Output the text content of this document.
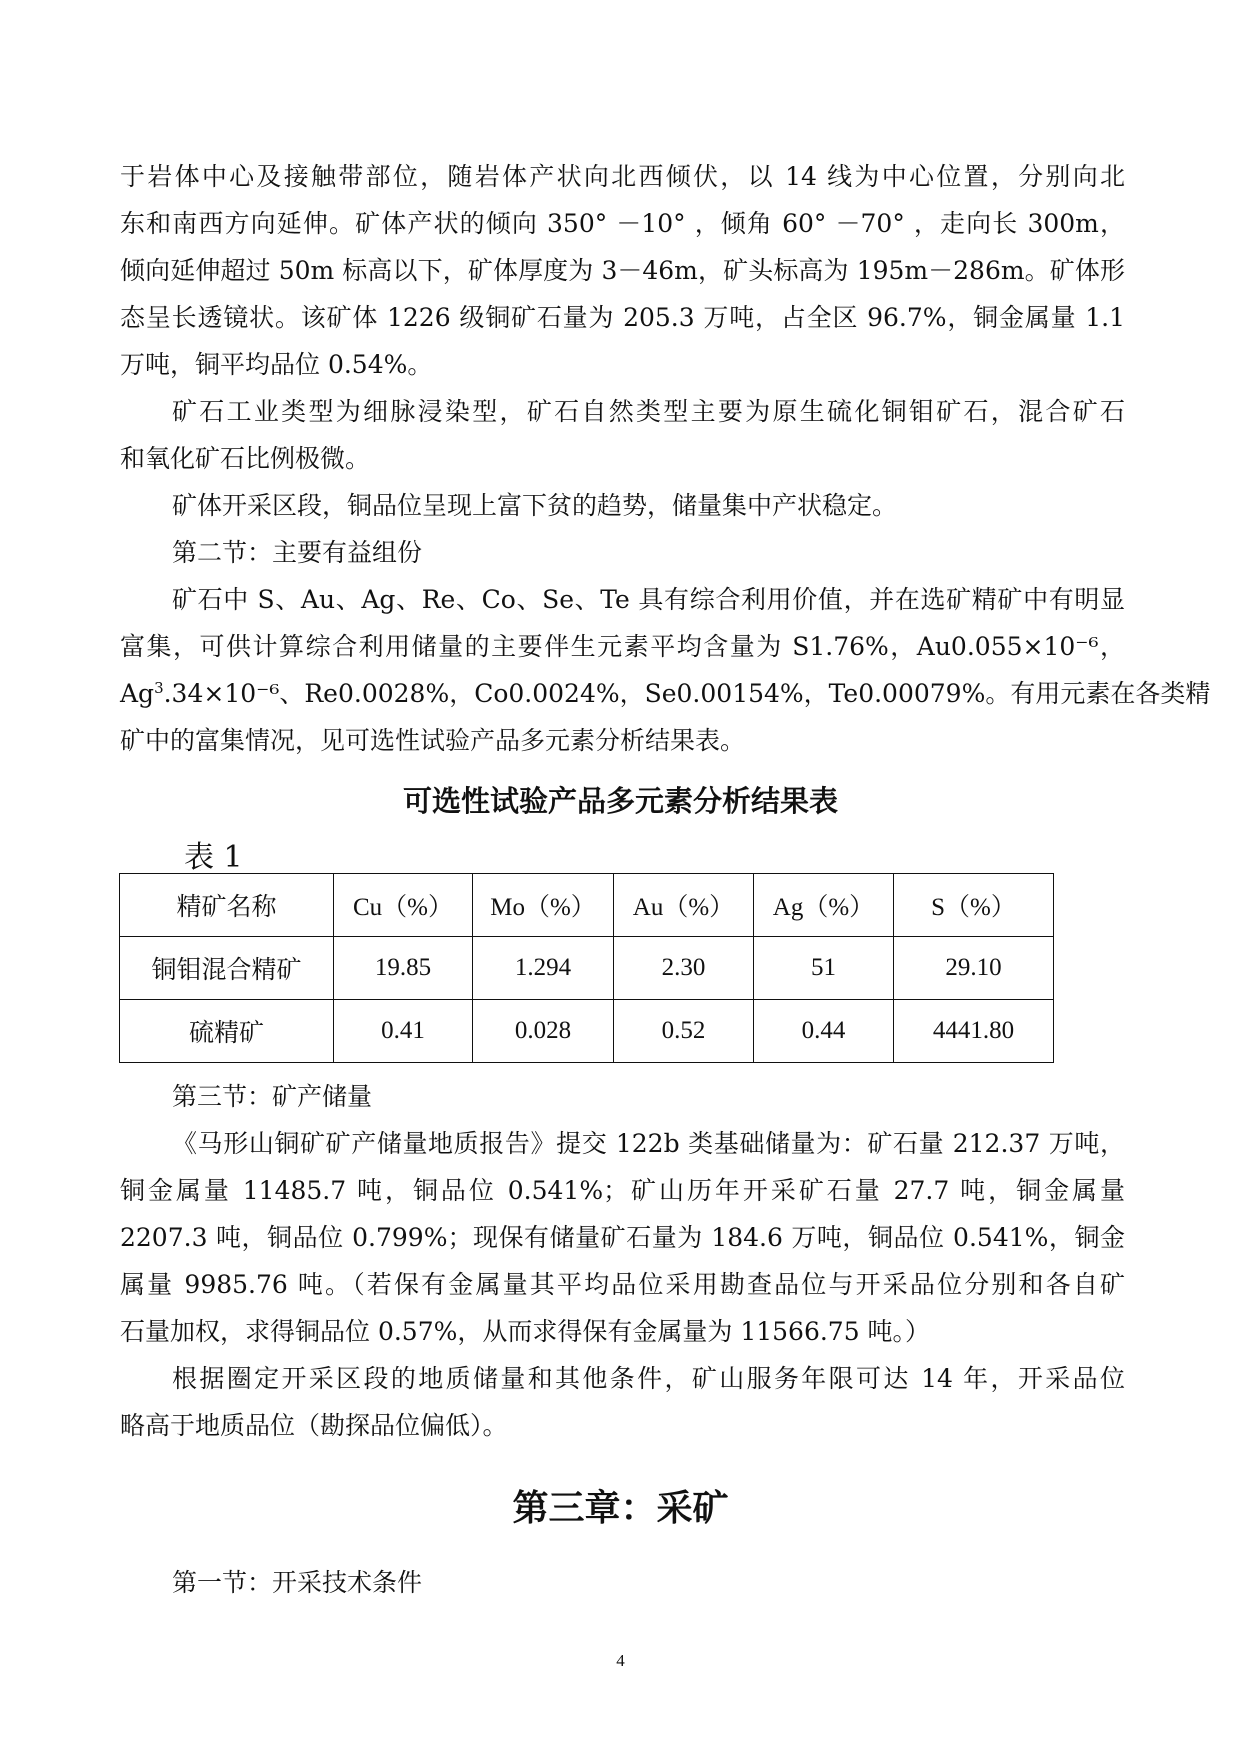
于岩体中心及接触带部位，随岩体产状向北西倾伏，以 14 线为中心位置，分别向北
东和南西方向延伸。矿体产状的倾向 350° －10° ，倾角 60° －70° ，走向长 300m，
倾向延伸超过 50m 标高以下，矿体厚度为 3－46m，矿头标高为 195m－286m。矿体形
态呈长透镜状。该矿体 1226 级铜矿石量为 205.3 万吨，占全区 96.7%，铜金属量 1.1
万吨，铜平均品位 0.54%。
矿石工业类型为细脉浸染型，矿石自然类型主要为原生硫化铜钼矿石，混合矿石
和氧化矿石比例极微。
矿体开采区段，铜品位呈现上富下贫的趋势，储量集中产状稳定。
第二节：主要有益组份
矿石中 S、Au、Ag、Re、Co、Se、Te 具有综合利用价值，并在选矿精矿中有明显
富集，可供计算综合利用储量的主要伴生元素平均含量为 S1.76%，Au0.055×10⁻⁶，
$Ag^3.34\times 10^{-6}$、Re0.0028%，Co0.0024%，Se0.00154%，Te0.00079%。有用元素在各类精
矿中的富集情况，见可选性试验产品多元素分析结果表。
可选性试验产品多元素分析结果表
表 1
精矿名称	Cu（%）	Mo（%）	Au（%）	Ag（%）	S（%）
铜钼混合精矿	19.85	1.294	2.30	51	29.10
硫精矿	0.41	0.028	0.52	0.44	4441.80
第三节：矿产储量
《马形山铜矿矿产储量地质报告》提交 122b 类基础储量为：矿石量 212.37 万吨，
铜金属量 11485.7 吨，铜品位 0.541%；矿山历年开采矿石量 27.7 吨，铜金属量
2207.3 吨，铜品位 0.799%；现保有储量矿石量为 184.6 万吨，铜品位 0.541%，铜金
属量 9985.76 吨。（若保有金属量其平均品位采用勘查品位与开采品位分别和各自矿
石量加权，求得铜品位 0.57%，从而求得保有金属量为 11566.75 吨。）
根据圈定开采区段的地质储量和其他条件，矿山服务年限可达 14 年，开采品位
略高于地质品位（勘探品位偏低）。
第三章：采矿
第一节：开采技术条件
4
